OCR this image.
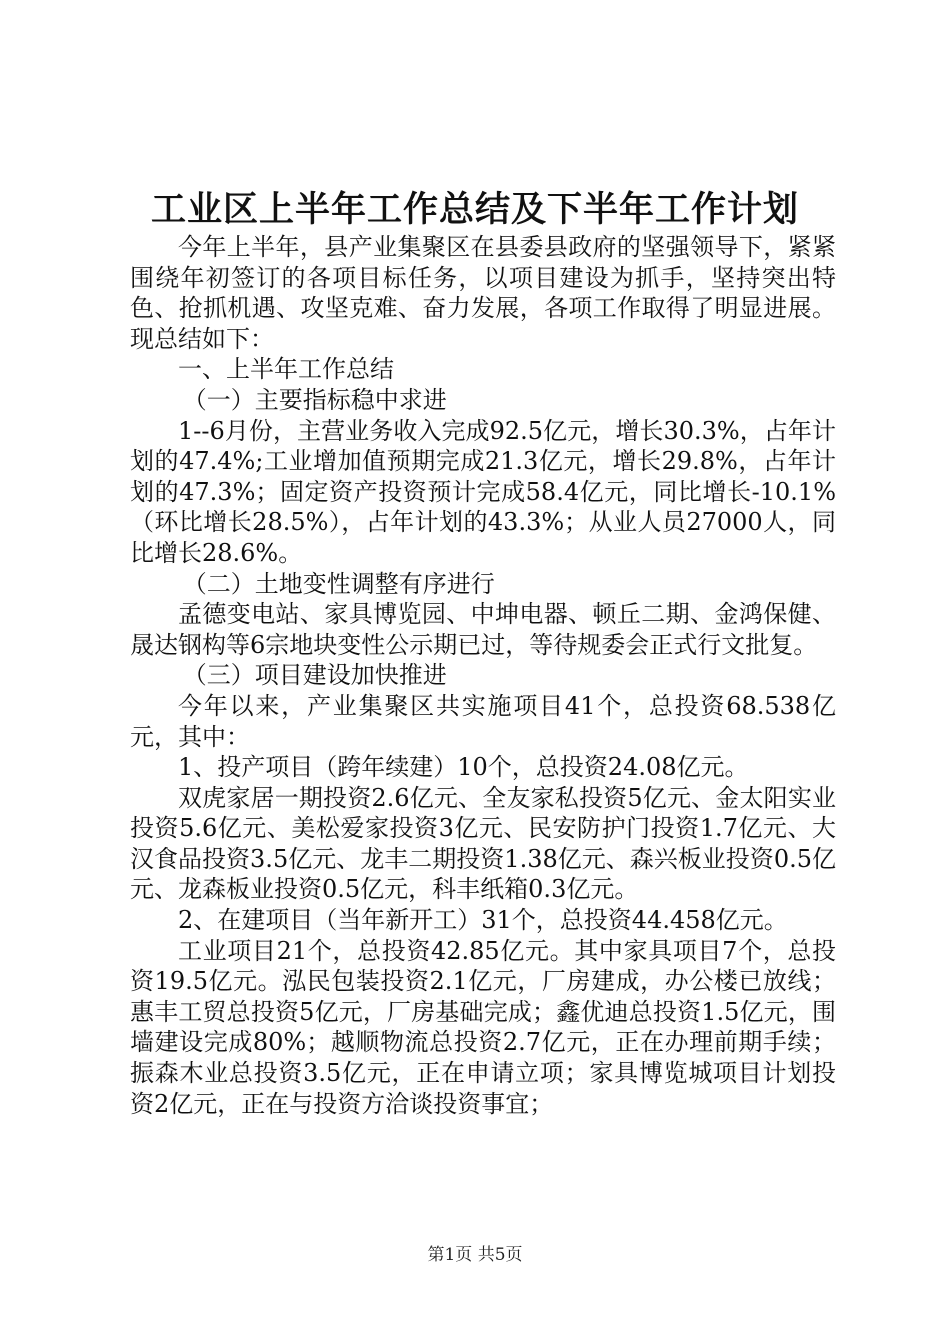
工业区上半年工作总结及下半年工作计划

今年上半年，县产业集聚区在县委县政府的坚强领导下，紧紧围绕年初签订的各项目标任务，以项目建设为抓手，坚持突出特色、抢抓机遇、攻坚克难、奋力发展，各项工作取得了明显进展。现总结如下：

一、上半年工作总结

（一）主要指标稳中求进

1--6月份，主营业务收入完成92.5亿元，增长30.3%，占年计划的47.4%;工业增加值预期完成21.3亿元，增长29.8%，占年计划的47.3%；固定资产投资预计完成58.4亿元，同比增长-10.1%（环比增长28.5%），占年计划的43.3%；从业人员27000人，同比增长28.6%。

（二）土地变性调整有序进行

孟德变电站、家具博览园、中坤电器、顿丘二期、金鸿保健、晟达钢构等6宗地块变性公示期已过，等待规委会正式行文批复。

（三）项目建设加快推进

今年以来，产业集聚区共实施项目41个，总投资68.538亿元，其中：

1、投产项目（跨年续建）10个，总投资24.08亿元。

双虎家居一期投资2.6亿元、全友家私投资5亿元、金太阳实业投资5.6亿元、美松爱家投资3亿元、民安防护门投资1.7亿元、大汉食品投资3.5亿元、龙丰二期投资1.38亿元、森兴板业投资0.5亿元、龙森板业投资0.5亿元，科丰纸箱0.3亿元。

2、在建项目（当年新开工）31个，总投资44.458亿元。

工业项目21个，总投资42.85亿元。其中家具项目7个，总投资19.5亿元。泓民包装投资2.1亿元，厂房建成，办公楼已放线；惠丰工贸总投资5亿元，厂房基础完成；鑫优迪总投资1.5亿元，围墙建设完成80%；越顺物流总投资2.7亿元，正在办理前期手续；振森木业总投资3.5亿元，正在申请立项；家具博览城项目计划投资2亿元，正在与投资方洽谈投资事宜；

第1页 共5页
